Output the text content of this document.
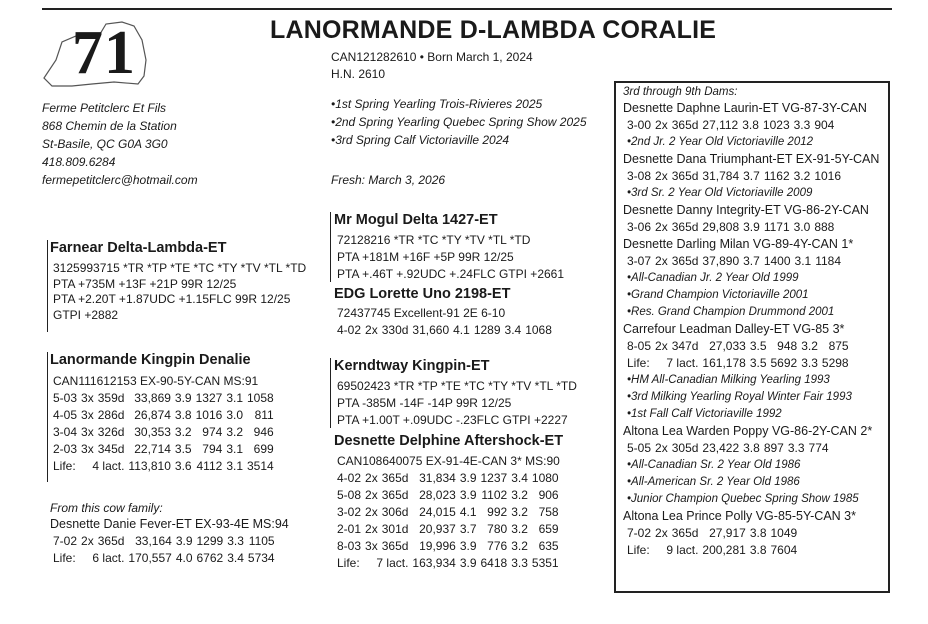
71	LANORMANDE D-LAMBDA CORALIE
CAN121282610 • Born March 1, 2024
H.N. 2610
•1st Spring Yearling Trois-Rivieres 2025
•2nd Spring Yearling Quebec Spring Show 2025
•3rd Spring Calf Victoriaville 2024
Fresh: March 3, 2026
Ferme Petitclerc Et Fils
868 Chemin de la Station
St-Basile, QC G0A 3G0
418.809.6284
fermepetitclerc@hotmail.com
Farnear Delta-Lambda-ET
3125993715 *TR *TP *TE *TC *TY *TV *TL *TD
PTA +735M +13F +21P 99R 12/25
PTA +2.20T +1.87UDC +1.15FLC 99R 12/25
GTPI +2882
Lanormande Kingpin Denalie
CAN111612153 EX-90-5Y-CAN MS:91
5-03	3x	359d	33,869	3.9	1327	3.1	1058
4-05	3x	286d	26,874	3.8	1016	3.0	811
3-04	3x	326d	30,353	3.2	974	3.2	946
2-03	3x	345d	22,714	3.5	794	3.1	699
Life:	4 lact.		113,810	3.6	4112	3.1	3514
From this cow family:
Desnette Danie Fever-ET EX-93-4E MS:94
7-02	2x	365d	33,164	3.9	1299	3.3	1105
Life:	6 lact.		170,557	4.0	6762	3.4	5734
Mr Mogul Delta 1427-ET
72128216 *TR *TC *TY *TV *TL *TD
PTA +181M +16F +5P 99R 12/25
PTA +.46T +.92UDC +.24FLC GTPI +2661
EDG Lorette Uno 2198-ET
72437745 Excellent-91 2E 6-10
4-02	2x	330d	31,660	4.1	1289	3.4	1068
Kerndtway Kingpin-ET
69502423 *TR *TP *TE *TC *TY *TV *TL *TD
PTA -385M -14F -14P 99R 12/25
PTA +1.00T +.09UDC -.23FLC GTPI +2227
Desnette Delphine Aftershock-ET
CAN108640075 EX-91-4E-CAN 3* MS:90
4-02	2x	365d	31,834	3.9	1237	3.4	1080
5-08	2x	365d	28,023	3.9	1102	3.2	906
3-02	2x	306d	24,015	4.1	992	3.2	758
2-01	2x	301d	20,937	3.7	780	3.2	659
8-03	3x	365d	19,996	3.9	776	3.2	635
Life:	7 lact.		163,934	3.9	6418	3.3	5351
3rd through 9th Dams:
Desnette Daphne Laurin-ET VG-87-3Y-CAN
3-00	2x	365d	27,112	3.8	1023	3.3	904
•2nd Jr. 2 Year Old Victoriaville 2012
Desnette Dana Triumphant-ET EX-91-5Y-CAN
3-08	2x	365d	31,784	3.7	1162	3.2	1016
•3rd Sr. 2 Year Old Victoriaville 2009
Desnette Danny Integrity-ET VG-86-2Y-CAN
3-06	2x	365d	29,808	3.9	1171	3.0	888
Desnette Darling Milan VG-89-4Y-CAN 1*
3-07	2x	365d	37,890	3.7	1400	3.1	1184
•All-Canadian Jr. 2 Year Old 1999
•Grand Champion Victoriaville 2001
•Res. Grand Champion Drummond 2001
Carrefour Leadman Dalley-ET VG-85 3*
8-05	2x	347d	27,033	3.5	948	3.2	875
Life:	7 lact.		161,178	3.5	5692	3.3	5298
•HM All-Canadian Milking Yearling 1993
•3rd Milking Yearling Royal Winter Fair 1993
•1st Fall Calf Victoriaville 1992
Altona Lea Warden Poppy VG-86-2Y-CAN 2*
5-05	2x	305d	23,422	3.8	897	3.3	774
•All-Canadian Sr. 2 Year Old 1986
•All-American Sr. 2 Year Old 1986
•Junior Champion Quebec Spring Show 1985
Altona Lea Prince Polly VG-85-5Y-CAN 3*
7-02	2x	365d	27,917	3.8	1049		
Life:	9 lact.		200,281	3.8	7604		
